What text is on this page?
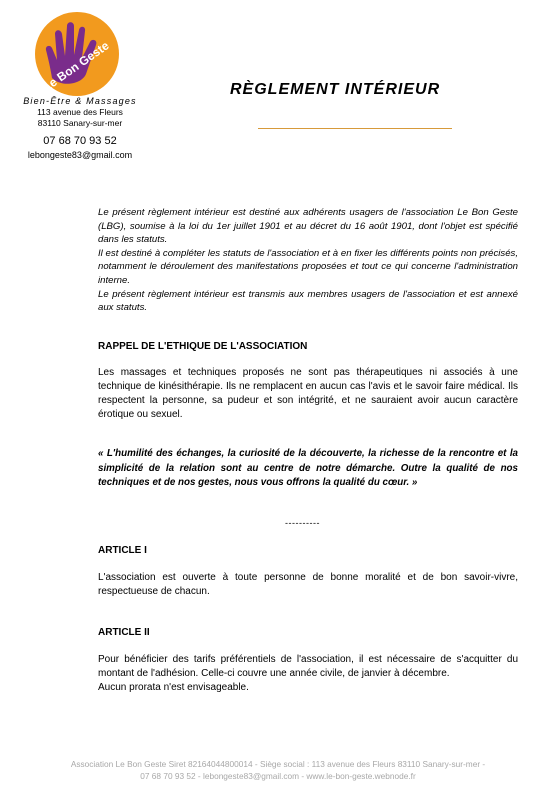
Le Bon Geste
Bien-Être & Massages
113 avenue des Fleurs
83110 Sanary-sur-mer
07 68 70 93 52
lebongeste83@gmail.com
RÈGLEMENT INTÉRIEUR

Le présent règlement intérieur est destiné aux adhérents usagers de l'association Le Bon Geste (LBG), soumise à la loi du 1er juillet 1901 et au décret du 16 août 1901, dont l'objet est spécifié dans les statuts.

Il est destiné à compléter les statuts de l'association et à en fixer les différents points non précisés, notamment le déroulement des manifestations proposées et tout ce qui concerne l'administration interne.

Le présent règlement intérieur est transmis aux membres usagers de l'association et est annexé aux statuts.

RAPPEL DE L'ETHIQUE DE L'ASSOCIATION

Les massages et techniques proposés ne sont pas thérapeutiques ni associés à une technique de kinésithérapie. Ils ne remplacent en aucun cas l'avis et le savoir faire médical. Ils respectent la personne, sa pudeur et son intégrité, et ne sauraient avoir aucun caractère érotique ou sexuel.

« L'humilité des échanges, la curiosité de la découverte, la richesse de la rencontre et la simplicité de la relation sont au centre de notre démarche. Outre la qualité de nos techniques et de nos gestes, nous vous offrons la qualité du cœur. »
----------
ARTICLE I

L'association est ouverte à toute personne de bonne moralité et de bon savoir-vivre, respectueuse de chacun.

ARTICLE II

Pour bénéficier des tarifs préférentiels de l'association, il est nécessaire de s'acquitter du montant de l'adhésion. Celle-ci couvre une année civile, de janvier à décembre.

Aucun prorata n'est envisageable.

Association Le Bon Geste Siret 82164044800014 - Siège social : 113 avenue des Fleurs 83110 Sanary-sur-mer -
07 68 70 93 52 - lebongeste83@gmail.com - www.le-bon-geste.webnode.fr
